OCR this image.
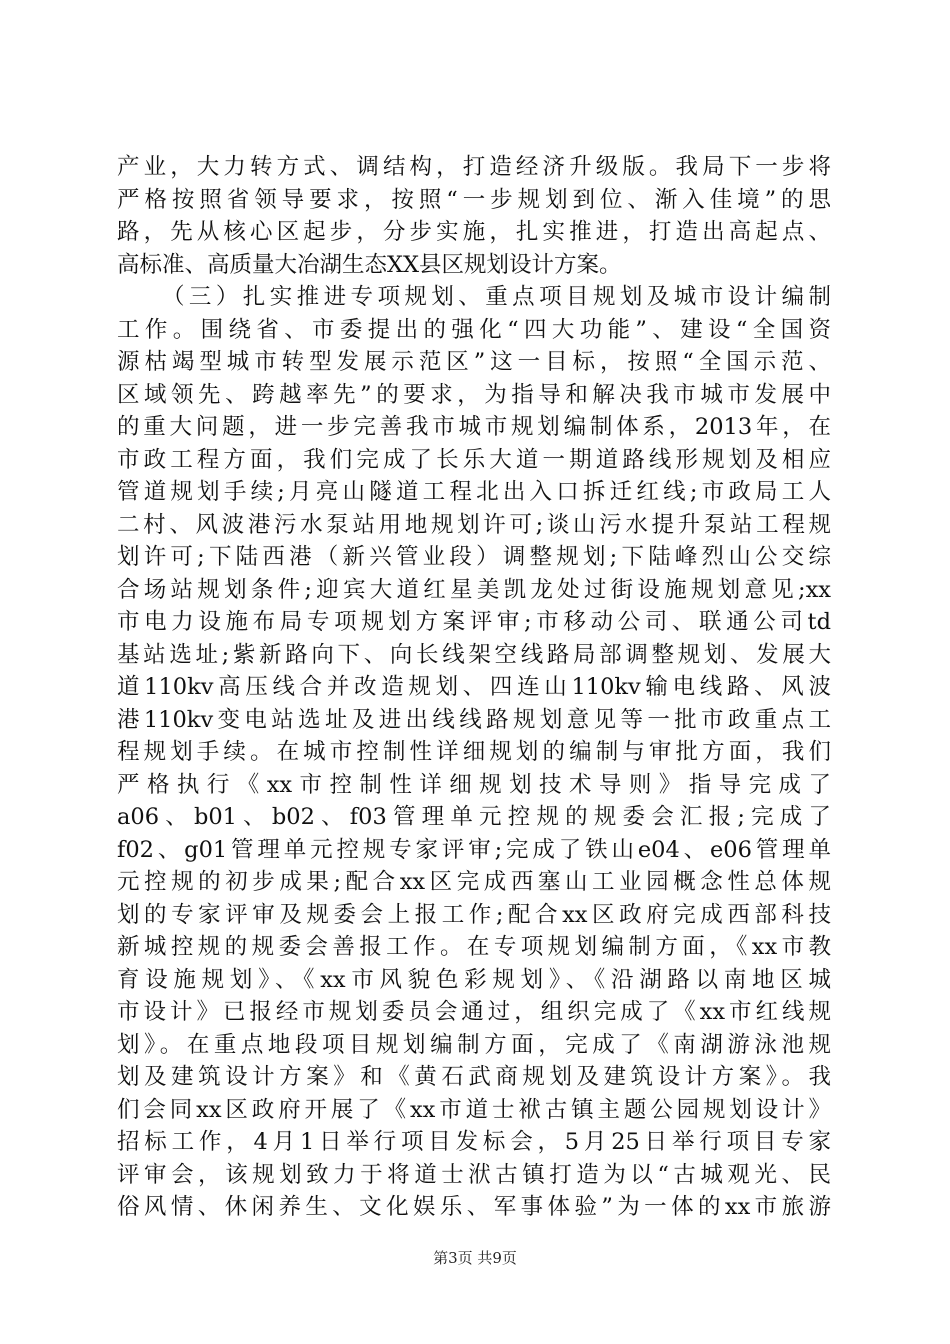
产业，大力转方式、调结构，打造经济升级版。我局下一步将
严格按照省领导要求，按照“一步规划到位、渐入佳境”的思
路，先从核心区起步，分步实施，扎实推进，打造出高起点、
高标准、高质量大冶湖生态XX县区规划设计方案。
（三）扎实推进专项规划、重点项目规划及城市设计编制
工作。围绕省、市委提出的强化“四大功能”、建设“全国资
源枯竭型城市转型发展示范区”这一目标，按照“全国示范、
区域领先、跨越率先”的要求，为指导和解决我市城市发展中
的重大问题，进一步完善我市城市规划编制体系，2013年，在
市政工程方面，我们完成了长乐大道一期道路线形规划及相应
管道规划手续;月亮山隧道工程北出入口拆迁红线;市政局工人
二村、风波港污水泵站用地规划许可;谈山污水提升泵站工程规
划许可;下陆西港（新兴管业段）调整规划;下陆峰烈山公交综
合场站规划条件;迎宾大道红星美凯龙处过街设施规划意见;xx
市电力设施布局专项规划方案评审;市移动公司、联通公司td
基站选址;紫新路向下、向长线架空线路局部调整规划、发展大
道110kv高压线合并改造规划、四连山110kv输电线路、风波
港110kv变电站选址及进出线线路规划意见等一批市政重点工
程规划手续。在城市控制性详细规划的编制与审批方面，我们
严格执行《xx市控制性详细规划技术导则》指导完成了
a06、b01、b02、f03管理单元控规的规委会汇报;完成了
f02、g01管理单元控规专家评审;完成了铁山e04、e06管理单
元控规的初步成果;配合xx区完成西塞山工业园概念性总体规
划的专家评审及规委会上报工作;配合xx区政府完成西部科技
新城控规的规委会善报工作。在专项规划编制方面，《xx市教
育设施规划》、《xx市风貌色彩规划》、《沿湖路以南地区城
市设计》已报经市规划委员会通过，组织完成了《xx市红线规
划》。在重点地段项目规划编制方面，完成了《南湖游泳池规
划及建筑设计方案》和《黄石武商规划及建筑设计方案》。我
们会同xx区政府开展了《xx市道士袱古镇主题公园规划设计》
招标工作，4月1日举行项目发标会，5月25日举行项目专家
评审会，该规划致力于将道士洑古镇打造为以“古城观光、民
俗风情、休闲养生、文化娱乐、军事体验”为一体的xx市旅游
第3页 共9页
